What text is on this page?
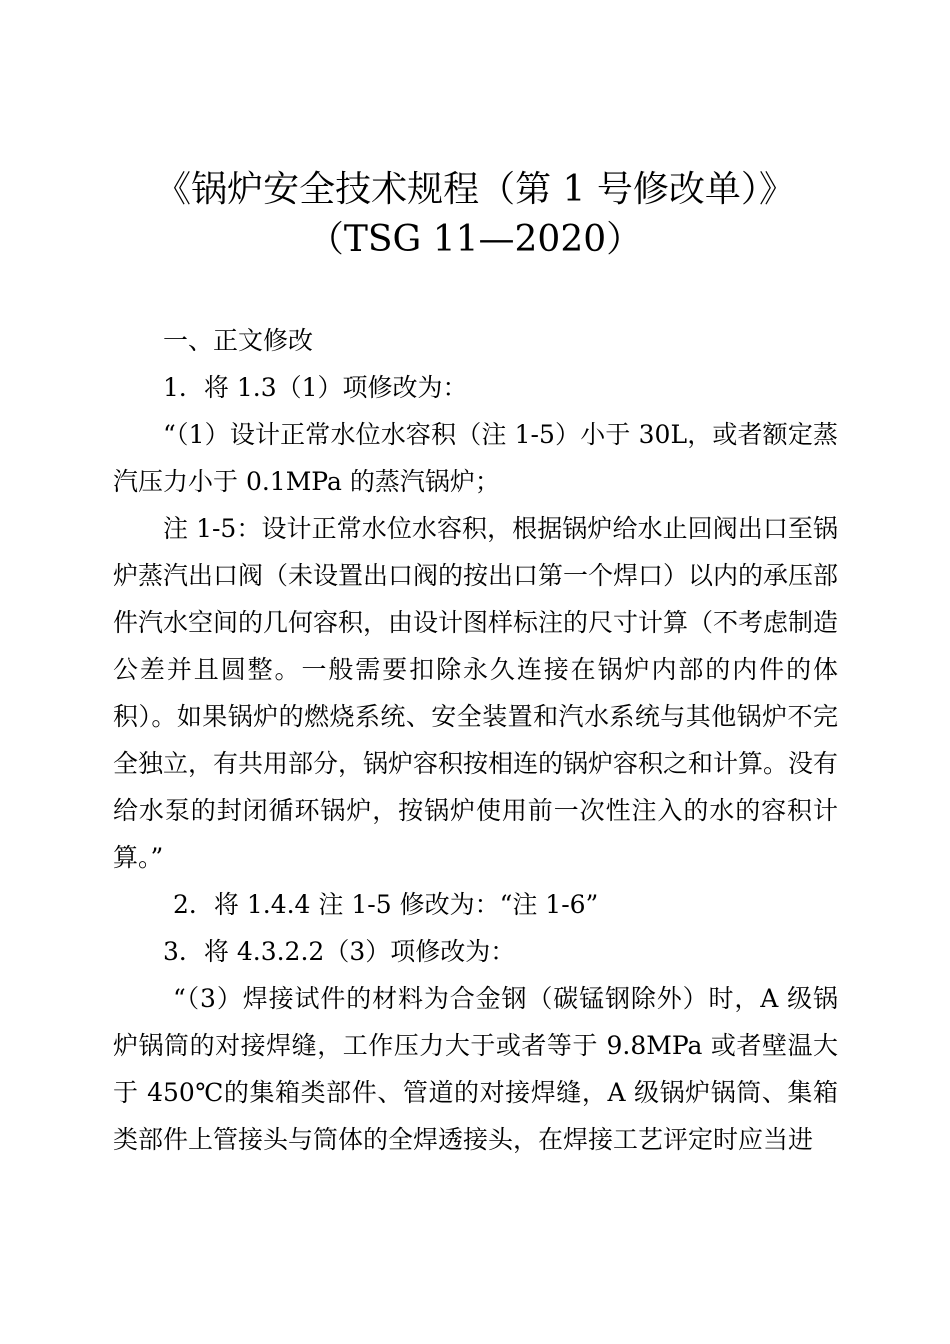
《锅炉安全技术规程（第 1 号修改单）》
（TSG 11—2020）

一、正文修改

1．将 1.3（1）项修改为：

“（1）设计正常水位水容积（注 1-5）小于 30L，或者额定蒸汽压力小于 0.1MPa 的蒸汽锅炉；

注 1-5：设计正常水位水容积，根据锅炉给水止回阀出口至锅炉蒸汽出口阀（未设置出口阀的按出口第一个焊口）以内的承压部件汽水空间的几何容积，由设计图样标注的尺寸计算（不考虑制造公差并且圆整。一般需要扣除永久连接在锅炉内部的内件的体积）。如果锅炉的燃烧系统、安全装置和汽水系统与其他锅炉不完全独立，有共用部分，锅炉容积按相连的锅炉容积之和计算。没有给水泵的封闭循环锅炉，按锅炉使用前一次性注入的水的容积计算。”

2．将 1.4.4 注 1-5 修改为：“注 1-6”

3．将 4.3.2.2（3）项修改为：

“（3）焊接试件的材料为合金钢（碳锰钢除外）时，A 级锅炉锅筒的对接焊缝，工作压力大于或者等于 9.8MPa 或者壁温大于 450℃的集箱类部件、管道的对接焊缝，A 级锅炉锅筒、集箱类部件上管接头与筒体的全焊透接头，在焊接工艺评定时应当进
